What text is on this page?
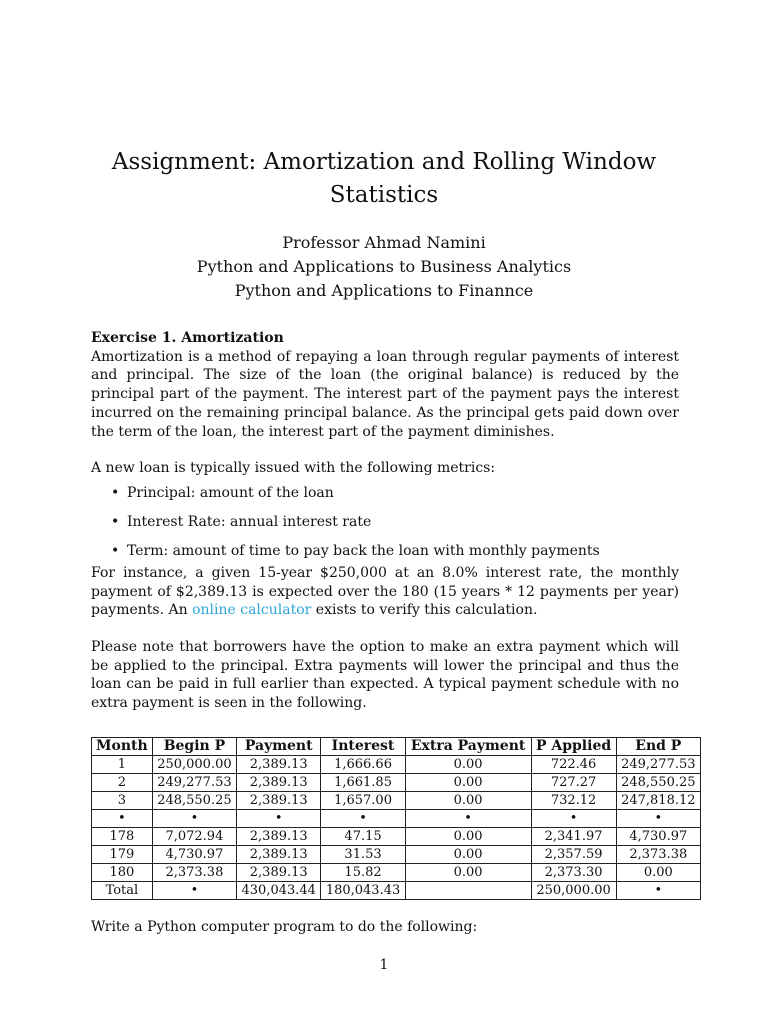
Assignment: Amortization and Rolling Window Statistics
Professor Ahmad Namini
Python and Applications to Business Analytics
Python and Applications to Finannce

Exercise 1. Amortization

Amortization is a method of repaying a loan through regular payments of interest and principal. The size of the loan (the original balance) is reduced by the principal part of the payment. The interest part of the payment pays the interest incurred on the remaining principal balance. As the principal gets paid down over the term of the loan, the interest part of the payment diminishes.

A new loan is typically issued with the following metrics:

• Principal: amount of the loan
• Interest Rate: annual interest rate
• Term: amount of time to pay back the loan with monthly payments

For instance, a given 15-year $250,000 at an 8.0% interest rate, the monthly payment of $2,389.13 is expected over the 180 (15 years * 12 payments per year) payments. An online calculator exists to verify this calculation.

Please note that borrowers have the option to make an extra payment which will be applied to the principal. Extra payments will lower the principal and thus the loan can be paid in full earlier than expected. A typical payment schedule with no extra payment is seen in the following.

Month	Begin P	Payment	Interest	Extra Payment	P Applied	End P
1	250,000.00	2,389.13	1,666.66	0.00	722.46	249,277.53
2	249,277.53	2,389.13	1,661.85	0.00	727.27	248,550.25
3	248,550.25	2,389.13	1,657.00	0.00	732.12	247,818.12
•	•	•	•	•	•	•
178	7,072.94	2,389.13	47.15	0.00	2,341.97	4,730.97
179	4,730.97	2,389.13	31.53	0.00	2,357.59	2,373.38
180	2,373.38	2,389.13	15.82	0.00	2,373.30	0.00
Total	•	430,043.44	180,043.43		250,000.00	•
Write a Python computer program to do the following:
1
